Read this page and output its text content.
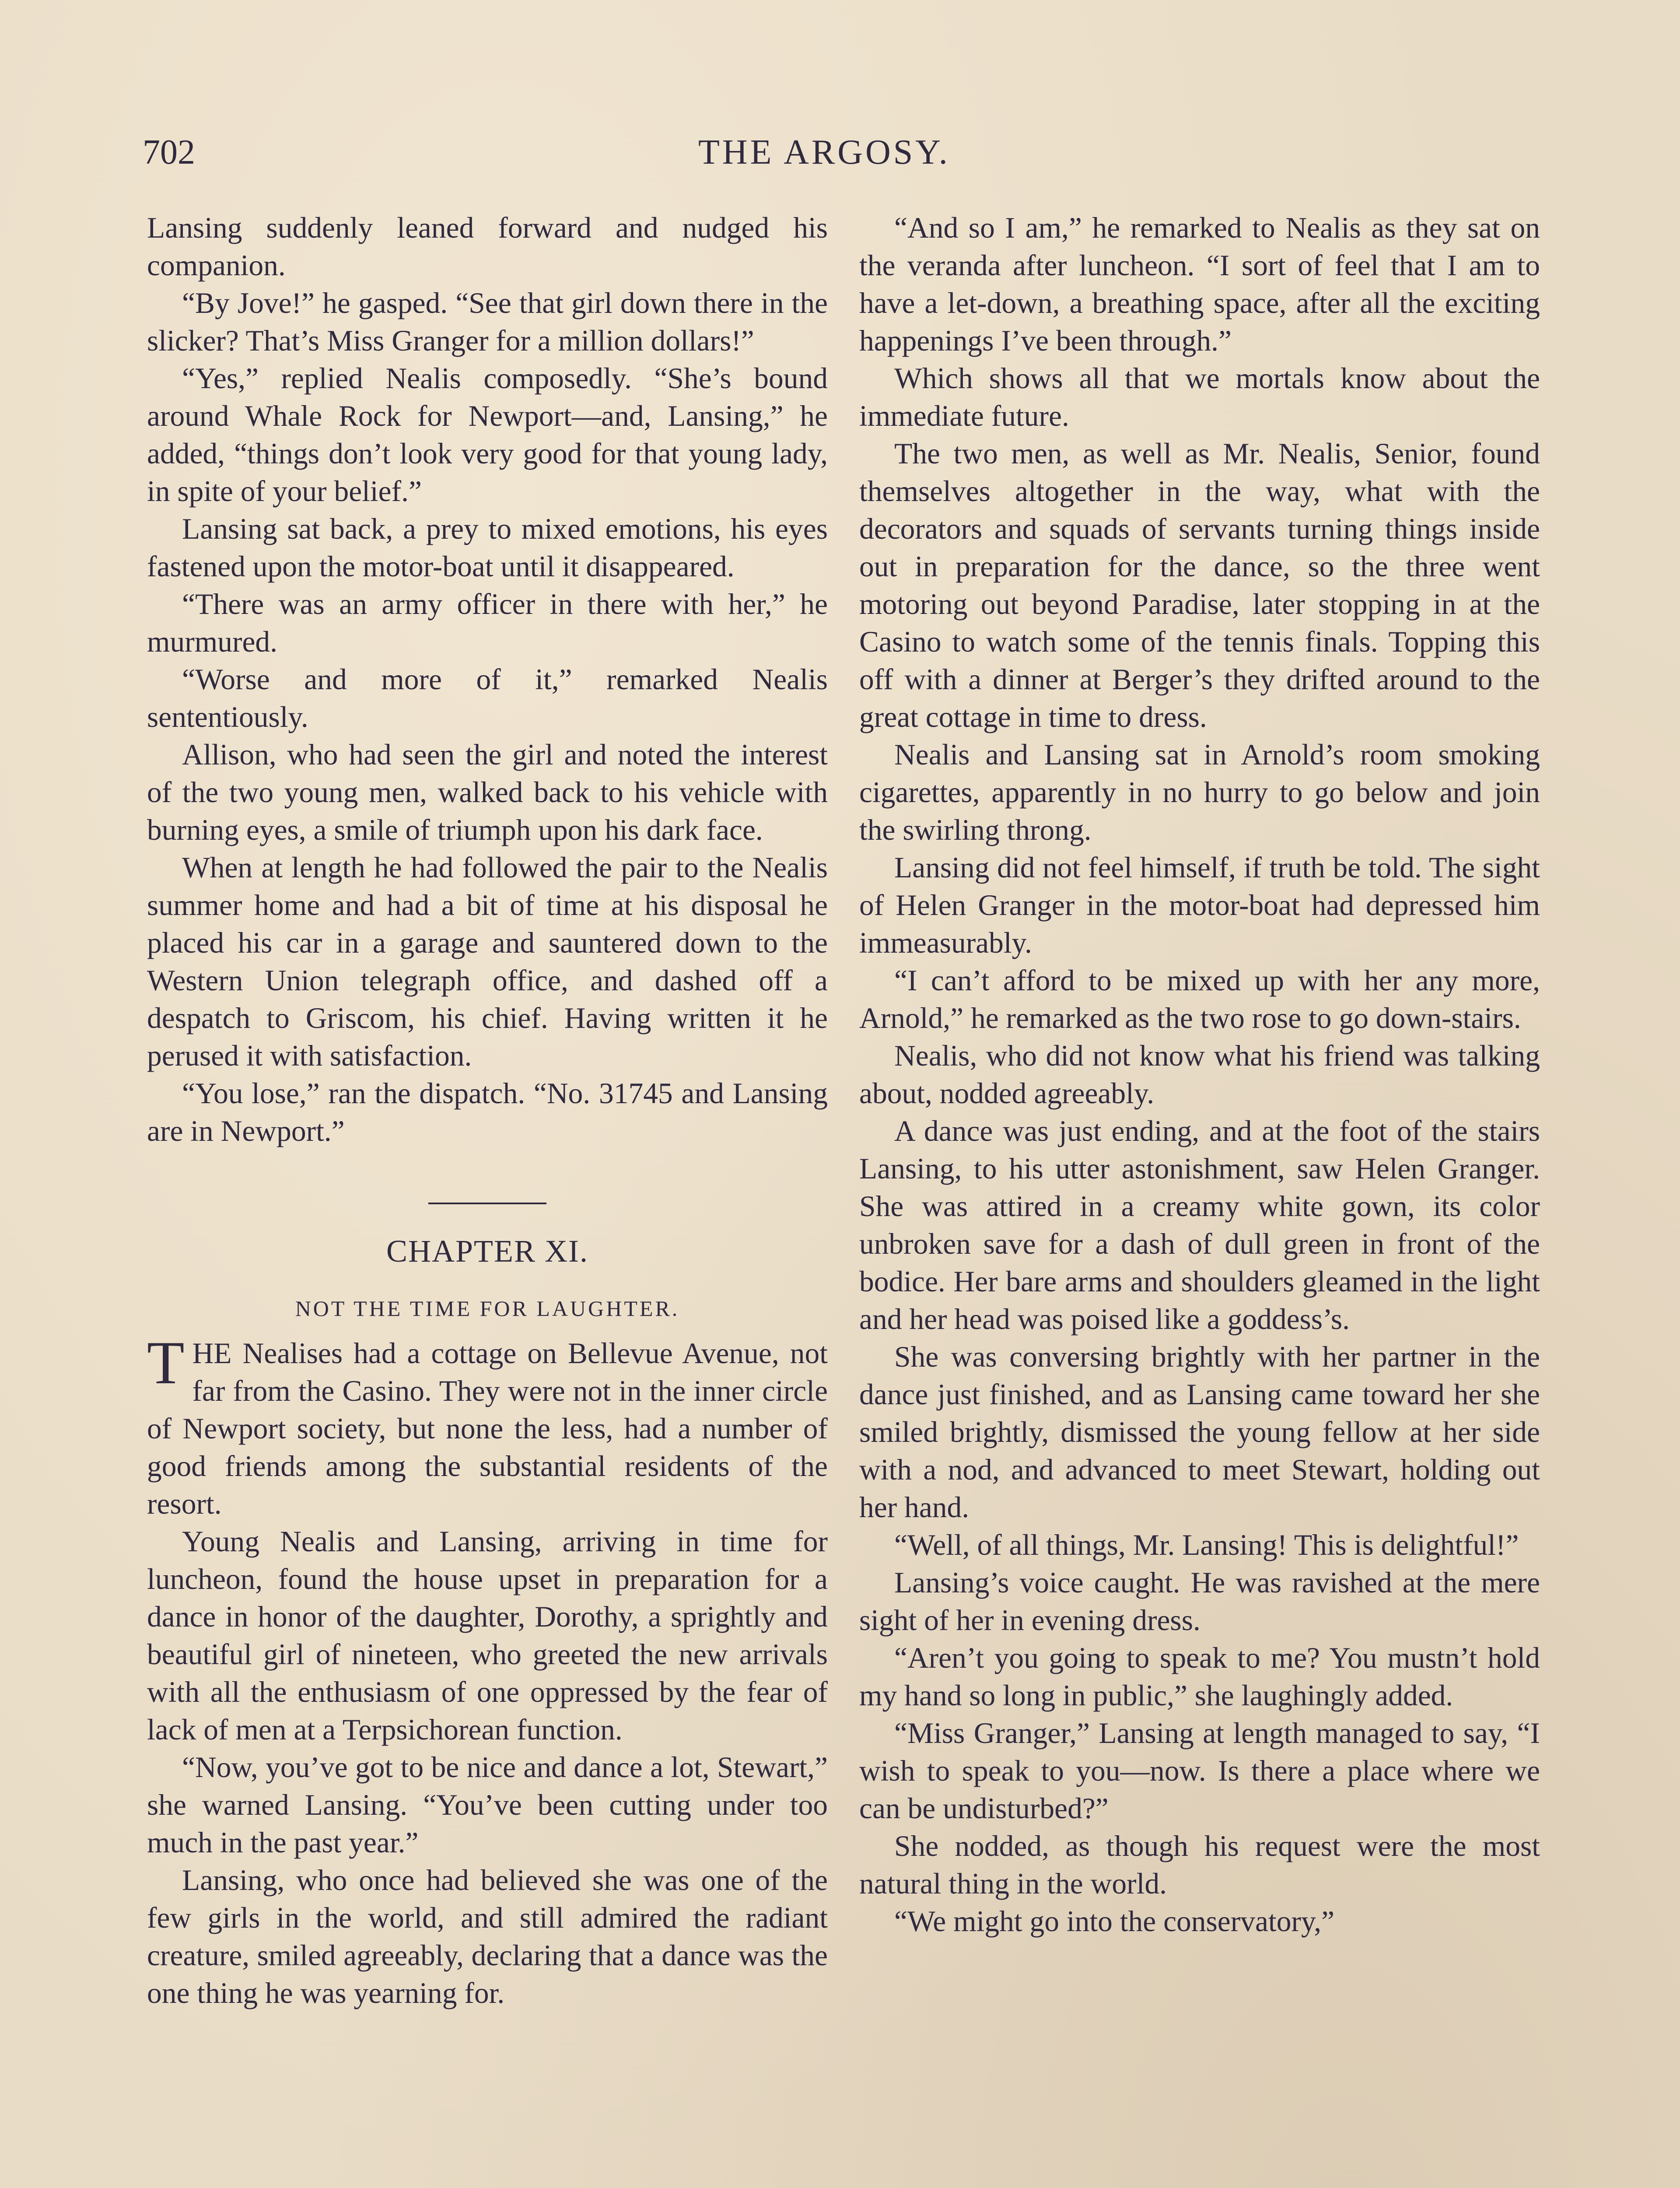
702	THE ARGOSY.

Lansing suddenly leaned forward and nudged his companion.

“By Jove!” he gasped. “See that girl down there in the slicker? That’s Miss Granger for a million dollars!”

“Yes,” replied Nealis composedly. “She’s bound around Whale Rock for Newport—and, Lansing,” he added, “things don’t look very good for that young lady, in spite of your belief.”

Lansing sat back, a prey to mixed emotions, his eyes fastened upon the motor-boat until it disappeared.

“There was an army officer in there with her,” he murmured.

“Worse and more of it,” remarked Nealis sententiously.

Allison, who had seen the girl and noted the interest of the two young men, walked back to his vehicle with burning eyes, a smile of triumph upon his dark face.

When at length he had followed the pair to the Nealis summer home and had a bit of time at his disposal he placed his car in a garage and sauntered down to the Western Union telegraph office, and dashed off a despatch to Griscom, his chief. Having written it he perused it with satisfaction.

“You lose,” ran the dispatch. “No. 31745 and Lansing are in Newport.”

CHAPTER XI.
NOT THE TIME FOR LAUGHTER.

THE Nealises had a cottage on Bellevue Avenue, not far from the Casino. They were not in the inner circle of Newport society, but none the less, had a number of good friends among the substantial residents of the resort.

Young Nealis and Lansing, arriving in time for luncheon, found the house upset in preparation for a dance in honor of the daughter, Dorothy, a sprightly and beautiful girl of nineteen, who greeted the new arrivals with all the enthusiasm of one oppressed by the fear of lack of men at a Terpsichorean function.

“Now, you’ve got to be nice and dance a lot, Stewart,” she warned Lansing. “You’ve been cutting under too much in the past year.”

Lansing, who once had believed she was one of the few girls in the world, and still admired the radiant creature, smiled agreeably, declaring that a dance was the one thing he was yearning for.

“And so I am,” he remarked to Nealis as they sat on the veranda after luncheon. “I sort of feel that I am to have a let-down, a breathing space, after all the exciting happenings I’ve been through.”

Which shows all that we mortals know about the immediate future.

The two men, as well as Mr. Nealis, Senior, found themselves altogether in the way, what with the decorators and squads of servants turning things inside out in preparation for the dance, so the three went motoring out beyond Paradise, later stopping in at the Casino to watch some of the tennis finals. Topping this off with a dinner at Berger’s they drifted around to the great cottage in time to dress.

Nealis and Lansing sat in Arnold’s room smoking cigarettes, apparently in no hurry to go below and join the swirling throng.

Lansing did not feel himself, if truth be told. The sight of Helen Granger in the motor-boat had depressed him immeasurably.

“I can’t afford to be mixed up with her any more, Arnold,” he remarked as the two rose to go down-stairs.

Nealis, who did not know what his friend was talking about, nodded agreeably.

A dance was just ending, and at the foot of the stairs Lansing, to his utter astonishment, saw Helen Granger. She was attired in a creamy white gown, its color unbroken save for a dash of dull green in front of the bodice. Her bare arms and shoulders gleamed in the light and her head was poised like a goddess’s.

She was conversing brightly with her partner in the dance just finished, and as Lansing came toward her she smiled brightly, dismissed the young fellow at her side with a nod, and advanced to meet Stewart, holding out her hand.

“Well, of all things, Mr. Lansing! This is delightful!”

Lansing’s voice caught. He was ravished at the mere sight of her in evening dress.

“Aren’t you going to speak to me? You mustn’t hold my hand so long in public,” she laughingly added.

“Miss Granger,” Lansing at length managed to say, “I wish to speak to you—now. Is there a place where we can be undisturbed?”

She nodded, as though his request were the most natural thing in the world.

“We might go into the conservatory,”
